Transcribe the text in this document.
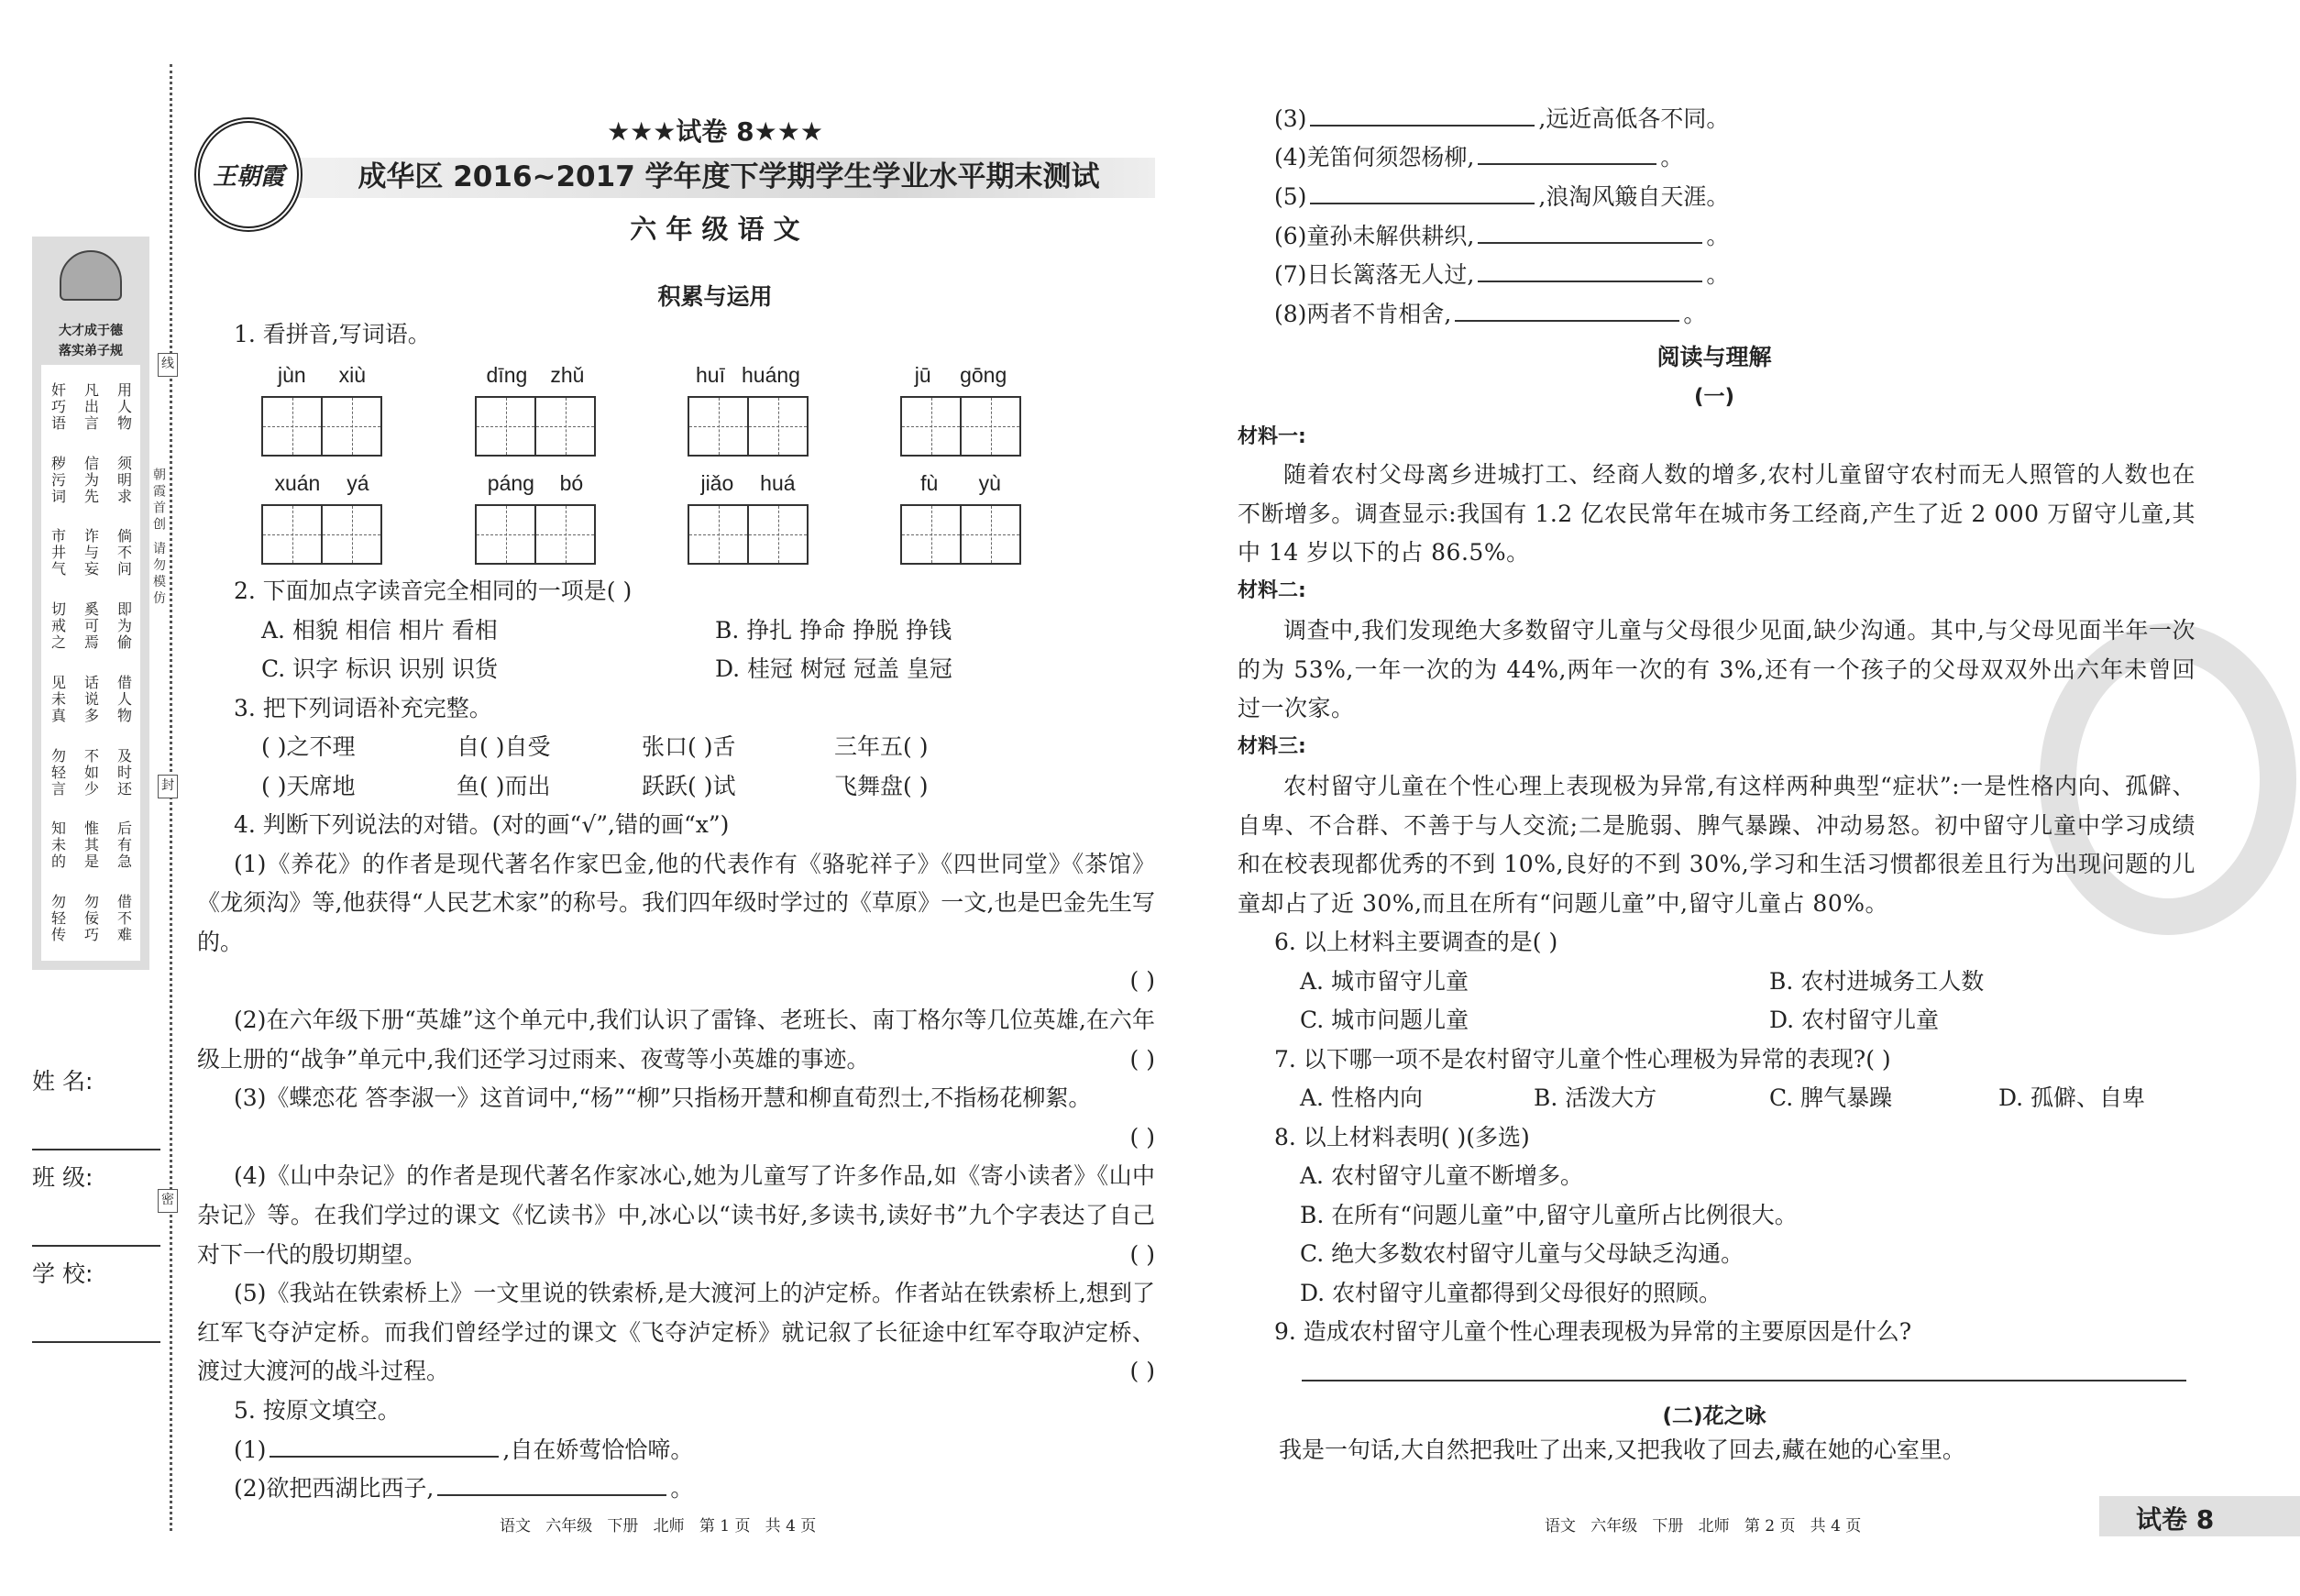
大才成于德
落实弟子规
奸巧语 凡出言 用人物
秽污词 信为先 须明求
市井气 诈与妄 倘不问
切戒之 奚可焉 即为偷
见未真 话说多 借人物
勿轻言 不如少 及时还
知未的 惟其是 后有急
勿轻传 勿佞巧 借不难
线
封
密
朝霞首创 请勿模仿
姓 名:
班 级:
学 校:
王朝霞
★★★试卷 8★★★
成华区 2016~2017 学年度下学期学生学业水平期末测试
六 年 级 语 文
积累与运用
1. 看拼音,写词语。
jùn xiù	dīng zhǔ	huī huáng	jū gōng
xuán yá	páng bó	jiǎo huá	fù yù
2. 下面加点字读音完全相同的一项是( )
A. 相貌 相信 相片 看相	B. 挣扎 挣命 挣脱 挣钱
C. 识字 标识 识别 识货	D. 桂冠 树冠 冠盖 皇冠
3. 把下列词语补充完整。
( )之不理	自( )自受	张口( )舌	三年五( )
( )天席地	鱼( )而出	跃跃( )试	飞舞盘( )
4. 判断下列说法的对错。(对的画“√”,错的画“x”)
(1)《养花》的作者是现代著名作家巴金,他的代表作有《骆驼祥子》《四世同堂》《茶馆》《龙须沟》等,他获得“人民艺术家”的称号。我们四年级时学过的《草原》一文,也是巴金先生写的。
( )
(2)在六年级下册“英雄”这个单元中,我们认识了雷锋、老班长、南丁格尔等几位英雄,在六年级上册的“战争”单元中,我们还学习过雨来、夜莺等小英雄的事迹。	( )
(3)《蝶恋花 答李淑一》这首词中,“杨”“柳”只指杨开慧和柳直荀烈士,不指杨花柳絮。
( )
(4)《山中杂记》的作者是现代著名作家冰心,她为儿童写了许多作品,如《寄小读者》《山中杂记》等。在我们学过的课文《忆读书》中,冰心以“读书好,多读书,读好书”九个字表达了自己对下一代的殷切期望。	( )
(5)《我站在铁索桥上》一文里说的铁索桥,是大渡河上的泸定桥。作者站在铁索桥上,想到了红军飞夺泸定桥。而我们曾经学过的课文《飞夺泸定桥》就记叙了长征途中红军夺取泸定桥、渡过大渡河的战斗过程。	( )
5. 按原文填空。
(1)	,自在娇莺恰恰啼。
(2)欲把西湖比西子,	。
语文   六年级   下册   北师   第 1 页   共 4 页
(3)	,远近高低各不同。
(4)羌笛何须怨杨柳,	。
(5)	,浪淘风簸自天涯。
(6)童孙未解供耕织,	。
(7)日长篱落无人过,	。
(8)两者不肯相舍,	。
阅读与理解
(一)
材料一:
随着农村父母离乡进城打工、经商人数的增多,农村儿童留守农村而无人照管的人数也在不断增多。调查显示:我国有 1.2 亿农民常年在城市务工经商,产生了近 2 000 万留守儿童,其中 14 岁以下的占 86.5%。
材料二:
调查中,我们发现绝大多数留守儿童与父母很少见面,缺少沟通。其中,与父母见面半年一次的为 53%,一年一次的为 44%,两年一次的有 3%,还有一个孩子的父母双双外出六年未曾回过一次家。
材料三:
农村留守儿童在个性心理上表现极为异常,有这样两种典型“症状”:一是性格内向、孤僻、自卑、不合群、不善于与人交流;二是脆弱、脾气暴躁、冲动易怒。初中留守儿童中学习成绩和在校表现都优秀的不到 10%,良好的不到 30%,学习和生活习惯都很差且行为出现问题的儿童却占了近 30%,而且在所有“问题儿童”中,留守儿童占 80%。
6. 以上材料主要调查的是( )
A. 城市留守儿童	B. 农村进城务工人数
C. 城市问题儿童	D. 农村留守儿童
7. 以下哪一项不是农村留守儿童个性心理极为异常的表现?( )
A. 性格内向	B. 活泼大方	C. 脾气暴躁	D. 孤僻、自卑
8. 以上材料表明( )(多选)
A. 农村留守儿童不断增多。
B. 在所有“问题儿童”中,留守儿童所占比例很大。
C. 绝大多数农村留守儿童与父母缺乏沟通。
D. 农村留守儿童都得到父母很好的照顾。
9. 造成农村留守儿童个性心理表现极为异常的主要原因是什么?
(二)花之咏
我是一句话,大自然把我吐了出来,又把我收了回去,藏在她的心室里。
语文   六年级   下册   北师   第 2 页   共 4 页	试卷 8
